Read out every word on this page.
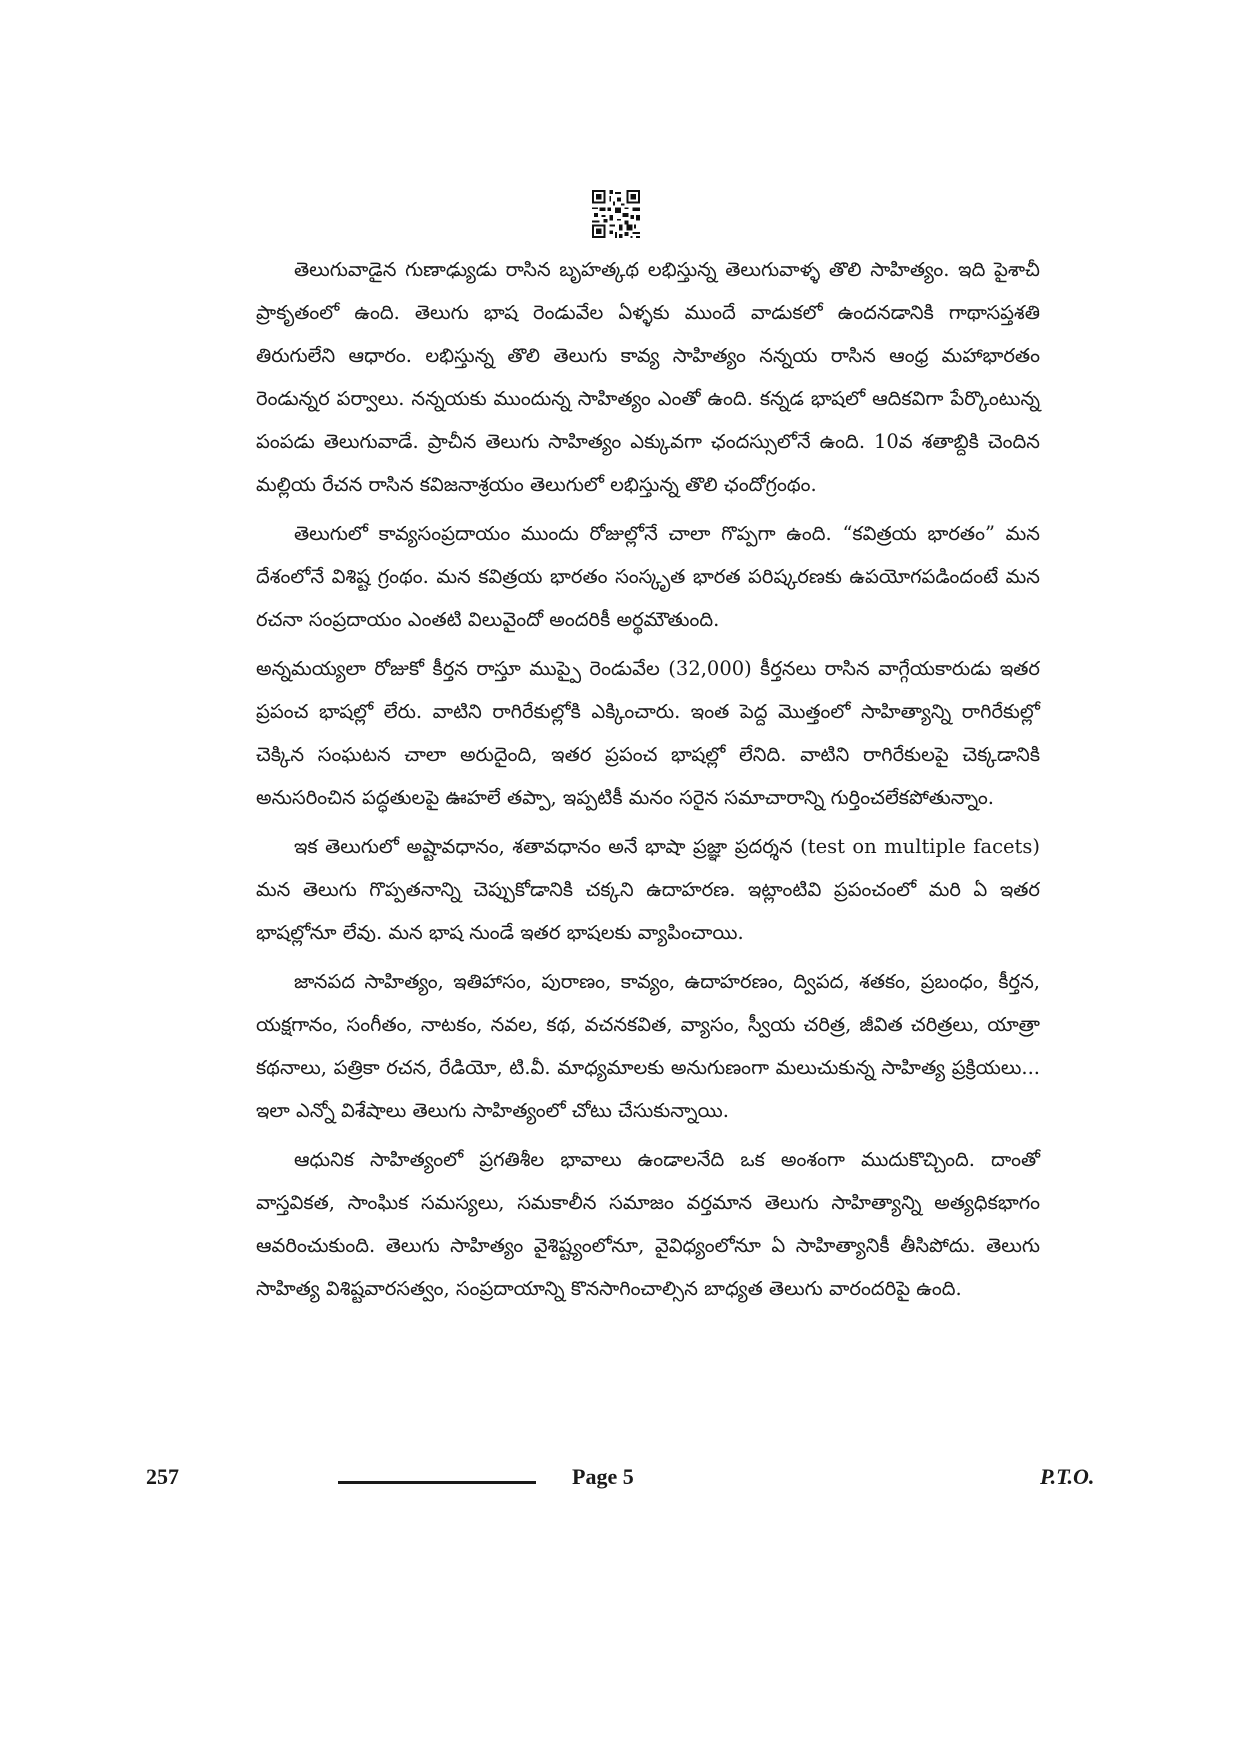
తెలుగువాడైన గుణాఢ్యుడు రాసిన బృహత్కథ లభిస్తున్న తెలుగువాళ్ళ తొలి సాహిత్యం. ఇది పైశాచీ ప్రాకృతంలో ఉంది. తెలుగు భాష రెండువేల ఏళ్ళకు ముందే వాడుకలో ఉందనడానికి గాథాసప్తశతి తిరుగులేని ఆధారం. లభిస్తున్న తొలి తెలుగు కావ్య సాహిత్యం నన్నయ రాసిన ఆంధ్ర మహాభారతం రెండున్నర పర్వాలు. నన్నయకు ముందున్న సాహిత్యం ఎంతో ఉంది. కన్నడ భాషలో ఆదికవిగా పేర్కొంటున్న పంపడు తెలుగువాడే. ప్రాచీన తెలుగు సాహిత్యం ఎక్కువగా ఛందస్సులోనే ఉంది. 10వ శతాబ్దికి చెందిన మల్లియ రేచన రాసిన కవిజనాశ్రయం తెలుగులో లభిస్తున్న తొలి ఛందోగ్రంథం.

తెలుగులో కావ్యసంప్రదాయం ముందు రోజుల్లోనే చాలా గొప్పగా ఉంది. “కవిత్రయ భారతం” మన దేశంలోనే విశిష్ట గ్రంథం. మన కవిత్రయ భారతం సంస్కృత భారత పరిష్కరణకు ఉపయోగపడిందంటే మన రచనా సంప్రదాయం ఎంతటి విలువైందో అందరికీ అర్థమౌతుంది.

అన్నమయ్యలా రోజుకో కీర్తన రాస్తూ ముప్పై రెండువేల (32,000) కీర్తనలు రాసిన వాగ్గేయకారుడు ఇతర ప్రపంచ భాషల్లో లేరు. వాటిని రాగిరేకుల్లోకి ఎక్కించారు. ఇంత పెద్ద మొత్తంలో సాహిత్యాన్ని రాగిరేకుల్లో చెక్కిన సంఘటన చాలా అరుదైంది, ఇతర ప్రపంచ భాషల్లో లేనిది. వాటిని రాగిరేకులపై చెక్కడానికి అనుసరించిన పద్ధతులపై ఊహలే తప్పా, ఇప్పటికీ మనం సరైన సమాచారాన్ని గుర్తించలేకపోతున్నాం.

ఇక తెలుగులో అష్టావధానం, శతావధానం అనే భాషా ప్రజ్ఞా ప్రదర్శన (test on multiple facets) మన తెలుగు గొప్పతనాన్ని చెప్పుకోడానికి చక్కని ఉదాహరణ. ఇట్లాంటివి ప్రపంచంలో మరి ఏ ఇతర భాషల్లోనూ లేవు. మన భాష నుండే ఇతర భాషలకు వ్యాపించాయి.

జానపద సాహిత్యం, ఇతిహాసం, పురాణం, కావ్యం, ఉదాహరణం, ద్విపద, శతకం, ప్రబంధం, కీర్తన, యక్షగానం, సంగీతం, నాటకం, నవల, కథ, వచనకవిత, వ్యాసం, స్వీయ చరిత్ర, జీవిత చరిత్రలు, యాత్రా కథనాలు, పత్రికా రచన, రేడియో, టి.వీ. మాధ్యమాలకు అనుగుణంగా మలుచుకున్న సాహిత్య ప్రక్రియలు... ఇలా ఎన్నో విశేషాలు తెలుగు సాహిత్యంలో చోటు చేసుకున్నాయి.

ఆధునిక సాహిత్యంలో ప్రగతిశీల భావాలు ఉండాలనేది ఒక అంశంగా ముదుకొచ్చింది. దాంతో వాస్తవికత, సాంఘిక సమస్యలు, సమకాలీన సమాజం వర్తమాన తెలుగు సాహిత్యాన్ని అత్యధికభాగం ఆవరించుకుంది. తెలుగు సాహిత్యం వైశిష్ట్యంలోనూ, వైవిధ్యంలోనూ ఏ సాహిత్యానికీ తీసిపోదు. తెలుగు సాహిత్య విశిష్టవారసత్వం, సంప్రదాయాన్ని కొనసాగించాల్సిన బాధ్యత తెలుగు వారందరిపై ఉంది.

257	Page 5	P.T.O.
